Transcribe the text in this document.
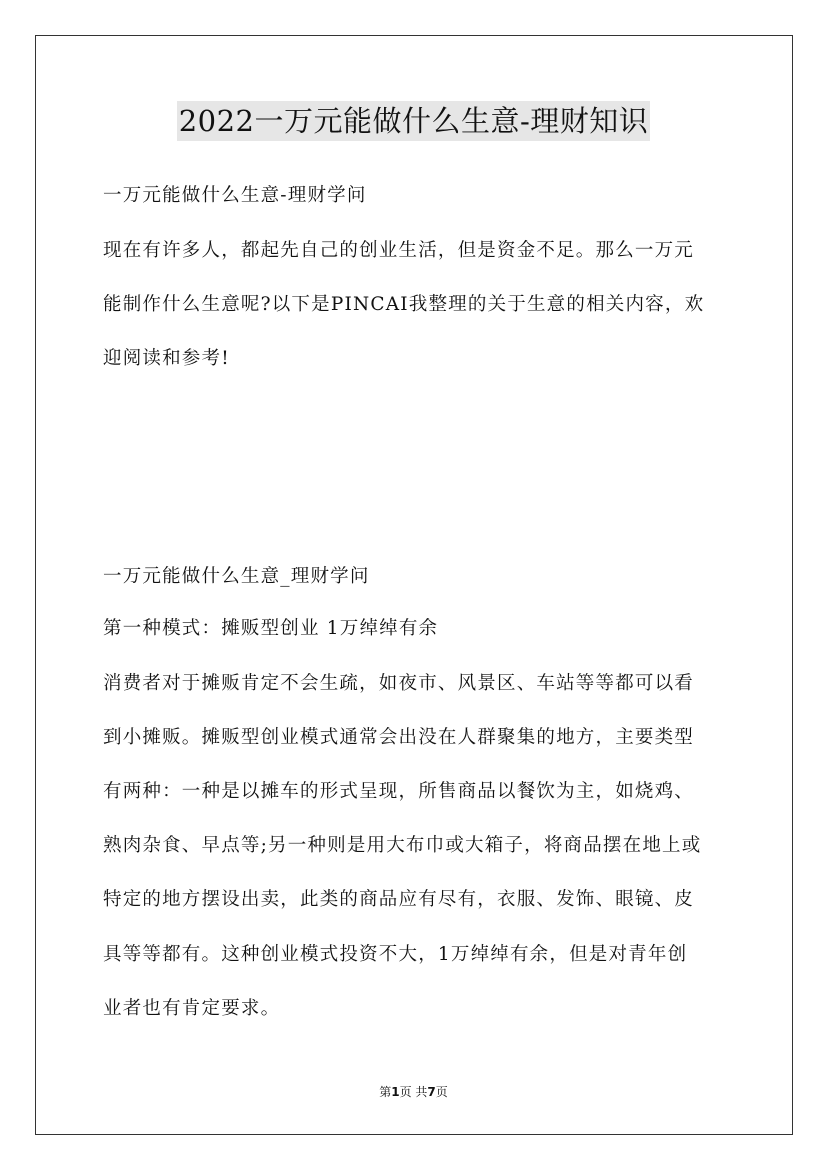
2022一万元能做什么生意-理财知识
一万元能做什么生意-理财学问
现在有许多人，都起先自己的创业生活，但是资金不足。那么一万元
能制作什么生意呢?以下是PINCAI我整理的关于生意的相关内容，欢
迎阅读和参考!
一万元能做什么生意_理财学问
第一种模式：摊贩型创业 1万绰绰有余
消费者对于摊贩肯定不会生疏，如夜市、风景区、车站等等都可以看
到小摊贩。摊贩型创业模式通常会出没在人群聚集的地方，主要类型
有两种：一种是以摊车的形式呈现，所售商品以餐饮为主，如烧鸡、
熟肉杂食、早点等;另一种则是用大布巾或大箱子，将商品摆在地上或
特定的地方摆设出卖，此类的商品应有尽有，衣服、发饰、眼镜、皮
具等等都有。这种创业模式投资不大，1万绰绰有余，但是对青年创
业者也有肯定要求。
第1页 共7页
